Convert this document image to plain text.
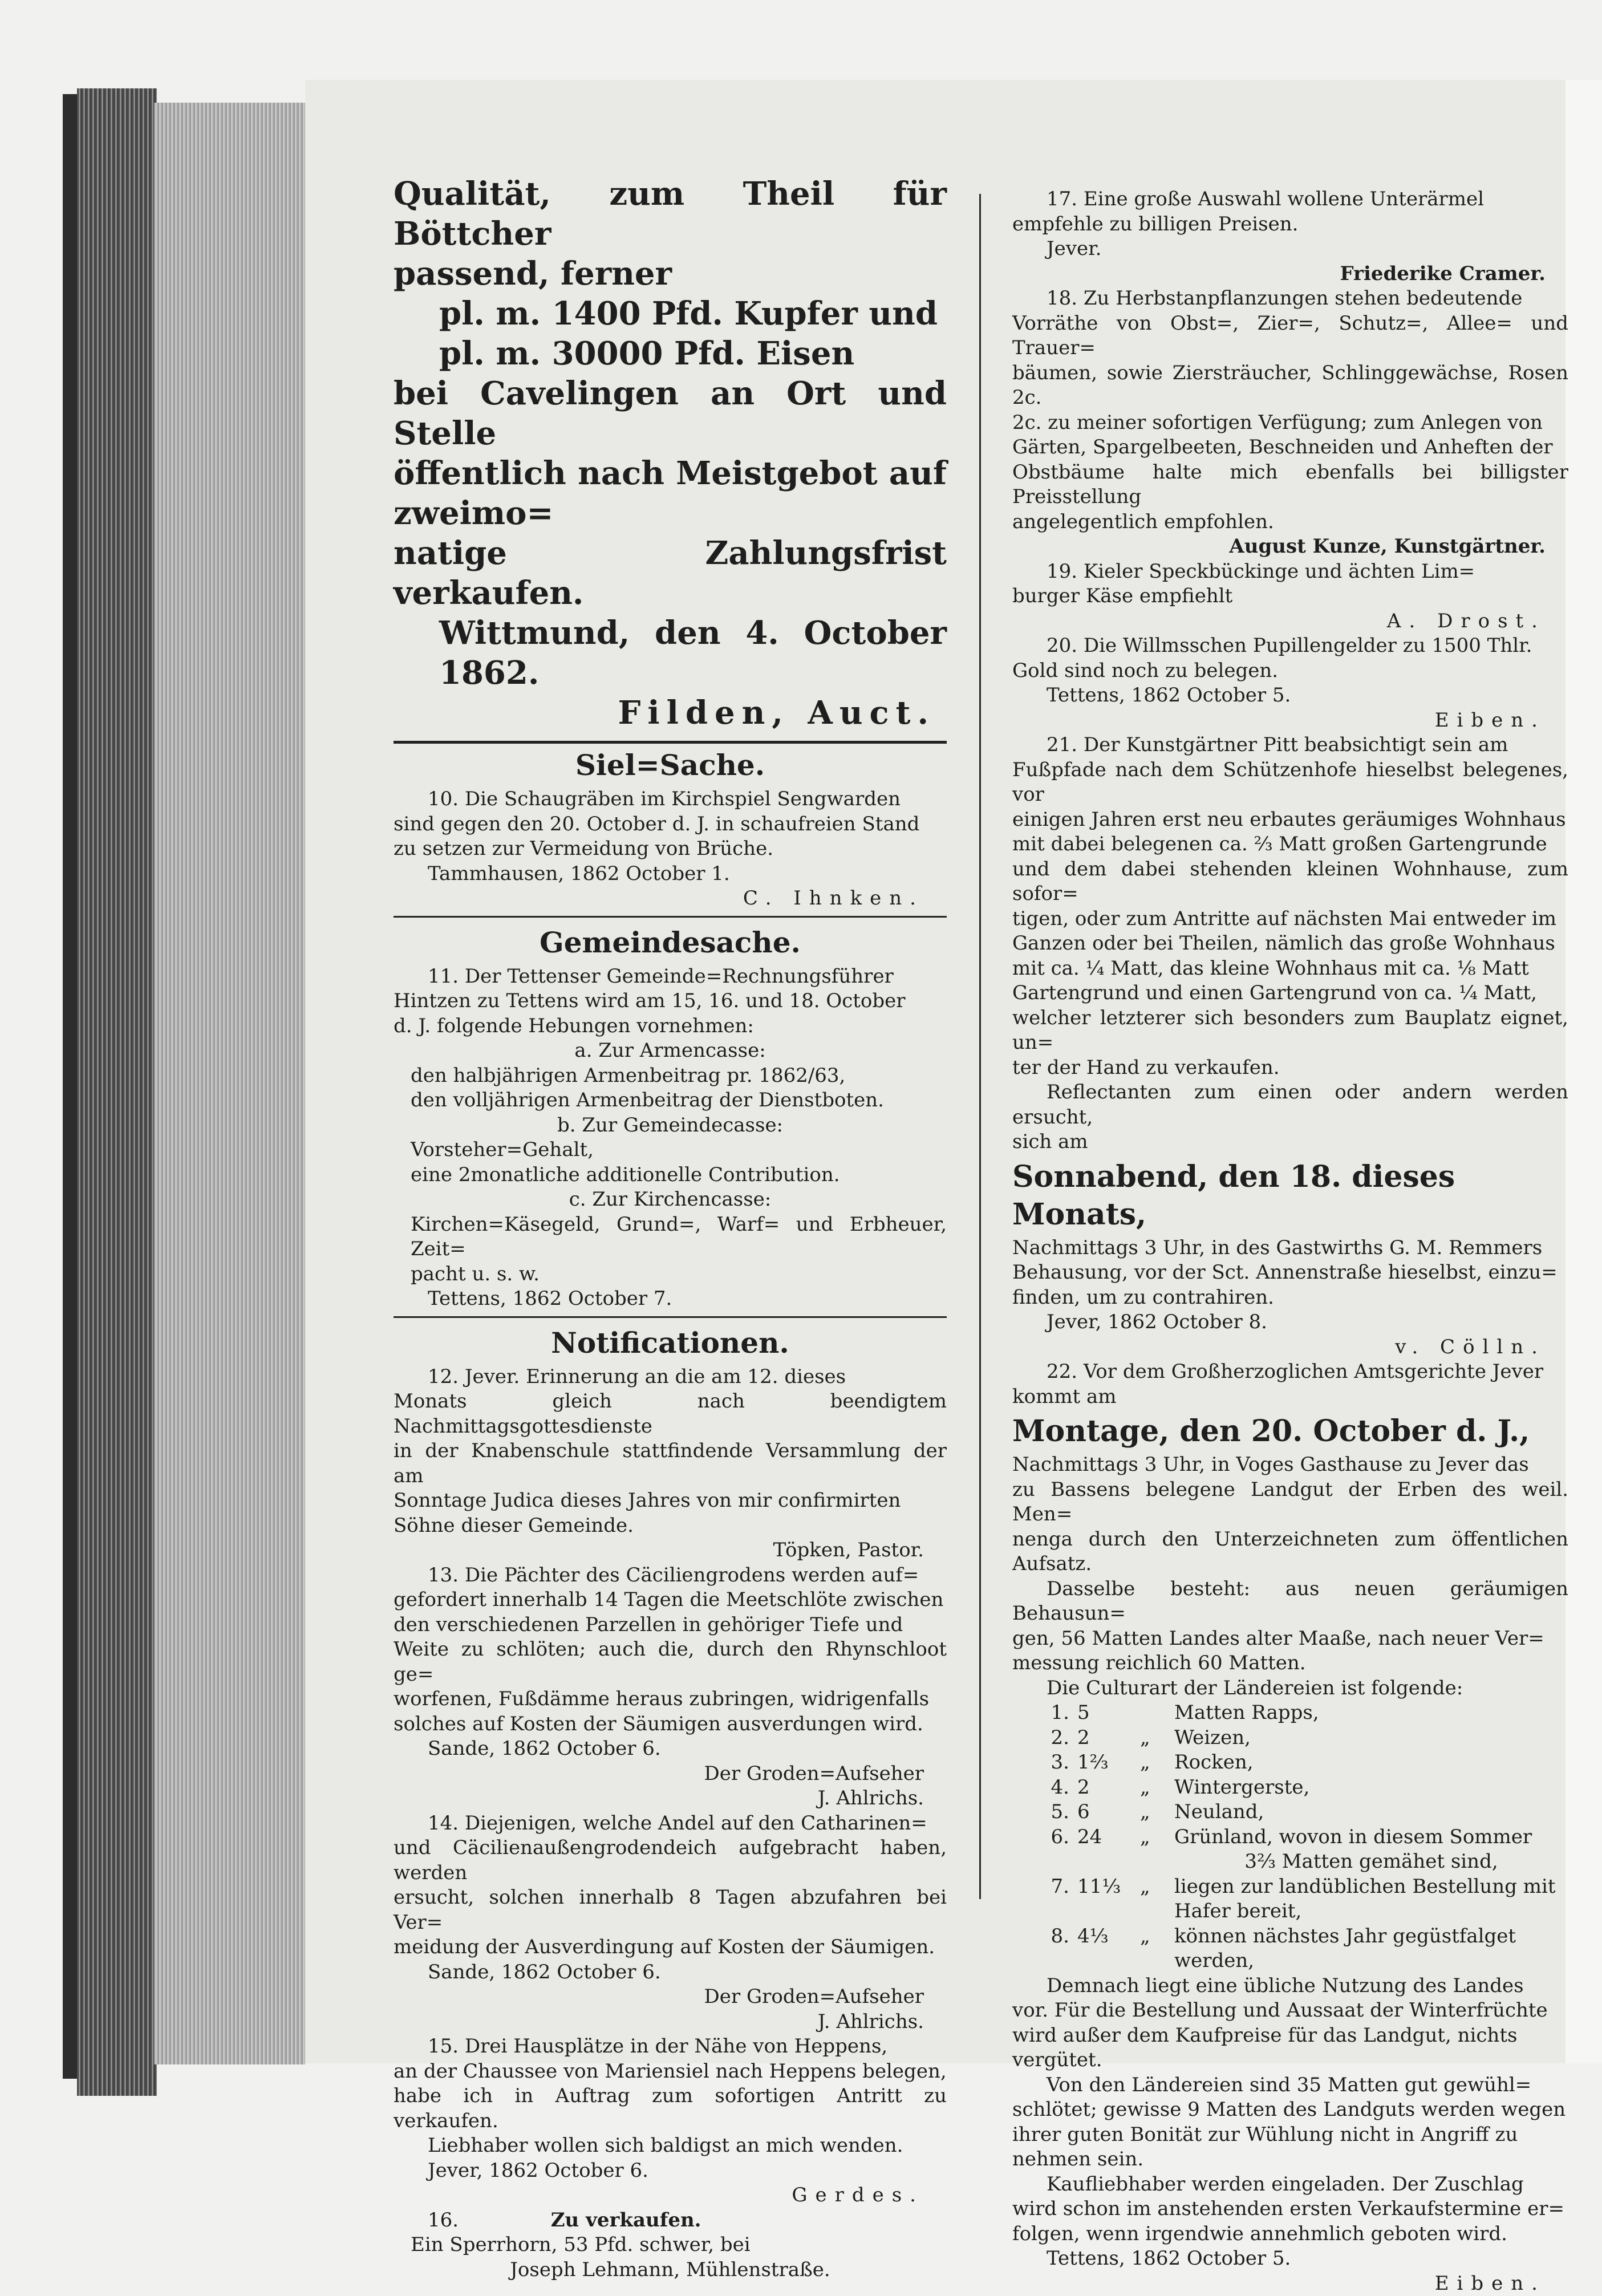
Qualität, zum Theil für Böttcher

passend, ferner

pl. m. 1400 Pfd. Kupfer und

pl. m. 30000 Pfd. Eisen

bei Cavelingen an Ort und Stelle

öffentlich nach Meistgebot auf zweimo=

natige Zahlungsfrist verkaufen.

Wittmund, den 4. October 1862.

Filden, Auct.

Siel=Sache.

10. Die Schaugräben im Kirchspiel Sengwarden

sind gegen den 20. October d. J. in schaufreien Stand

zu setzen zur Vermeidung von Brüche.

Tammhausen, 1862 October 1.

C. Ihnken.

Gemeindesache.

11. Der Tettenser Gemeinde=Rechnungsführer

Hintzen zu Tettens wird am 15, 16. und 18. October

d. J. folgende Hebungen vornehmen:

a. Zur Armencasse:

den halbjährigen Armenbeitrag pr. 1862/63,

den volljährigen Armenbeitrag der Dienstboten.

b. Zur Gemeindecasse:

Vorsteher=Gehalt,

eine 2monatliche additionelle Contribution.

c. Zur Kirchencasse:

Kirchen=Käsegeld, Grund=, Warf= und Erbheuer, Zeit=

pacht u. s. w.

Tettens, 1862 October 7.

Notificationen.

12. Jever. Erinnerung an die am 12. dieses

Monats gleich nach beendigtem Nachmittagsgottesdienste

in der Knabenschule stattfindende Versammlung der am

Sonntage Judica dieses Jahres von mir confirmirten

Söhne dieser Gemeinde.

Töpken, Pastor.

13. Die Pächter des Cäciliengrodens werden auf=

gefordert innerhalb 14 Tagen die Meetschlöte zwischen

den verschiedenen Parzellen in gehöriger Tiefe und

Weite zu schlöten; auch die, durch den Rhynschloot ge=

worfenen, Fußdämme heraus zubringen, widrigenfalls

solches auf Kosten der Säumigen ausverdungen wird.

Sande, 1862 October 6.

Der Groden=Aufseher

J. Ahlrichs.

14. Diejenigen, welche Andel auf den Catharinen=

und Cäcilienaußengrodendeich aufgebracht haben, werden

ersucht, solchen innerhalb 8 Tagen abzufahren bei Ver=

meidung der Ausverdingung auf Kosten der Säumigen.

Sande, 1862 October 6.

Der Groden=Aufseher

J. Ahlrichs.

15. Drei Hausplätze in der Nähe von Heppens,

an der Chaussee von Mariensiel nach Heppens belegen,

habe ich in Auftrag zum sofortigen Antritt zu verkaufen.

Liebhaber wollen sich baldigst an mich wenden.

Jever, 1862 October 6.

Gerdes.

16.	Zu verkaufen.

Ein Sperrhorn, 53 Pfd. schwer, bei

Joseph Lehmann, Mühlenstraße.

17. Eine große Auswahl wollene Unterärmel

empfehle zu billigen Preisen.

Jever.

Friederike Cramer.

18. Zu Herbstanpflanzungen stehen bedeutende

Vorräthe von Obst=, Zier=, Schutz=, Allee= und Trauer=

bäumen, sowie Ziersträucher, Schlinggewächse, Rosen 2c.

2c. zu meiner sofortigen Verfügung; zum Anlegen von

Gärten, Spargelbeeten, Beschneiden und Anheften der

Obstbäume halte mich ebenfalls bei billigster Preisstellung

angelegentlich empfohlen.

August Kunze, Kunstgärtner.

19. Kieler Speckbückinge und ächten Lim=

burger Käse empfiehlt

A. Drost.

20. Die Willmsschen Pupillengelder zu 1500 Thlr.

Gold sind noch zu belegen.

Tettens, 1862 October 5.

Eiben.

21. Der Kunstgärtner Pitt beabsichtigt sein am

Fußpfade nach dem Schützenhofe hieselbst belegenes, vor

einigen Jahren erst neu erbautes geräumiges Wohnhaus

mit dabei belegenen ca. ⅔ Matt großen Gartengrunde

und dem dabei stehenden kleinen Wohnhause, zum sofor=

tigen, oder zum Antritte auf nächsten Mai entweder im

Ganzen oder bei Theilen, nämlich das große Wohnhaus

mit ca. ¼ Matt, das kleine Wohnhaus mit ca. ⅛ Matt

Gartengrund und einen Gartengrund von ca. ¼ Matt,

welcher letzterer sich besonders zum Bauplatz eignet, un=

ter der Hand zu verkaufen.

Reflectanten zum einen oder andern werden ersucht,

sich am

Sonnabend, den 18. dieses Monats,

Nachmittags 3 Uhr, in des Gastwirths G. M. Remmers

Behausung, vor der Sct. Annenstraße hieselbst, einzu=

finden, um zu contrahiren.

Jever, 1862 October 8.

v. Cölln.

22. Vor dem Großherzoglichen Amtsgerichte Jever

kommt am

Montage, den 20. October d. J.,

Nachmittags 3 Uhr, in Voges Gasthause zu Jever das

zu Bassens belegene Landgut der Erben des weil. Men=

nenga durch den Unterzeichneten zum öffentlichen Aufsatz.

Dasselbe besteht: aus neuen geräumigen Behausun=

gen, 56 Matten Landes alter Maaße, nach neuer Ver=

messung reichlich 60 Matten.

Die Culturart der Ländereien ist folgende:

1. 5	Matten Rapps,
2. 2	„	Weizen,
3. 1⅔	„	Rocken,
4. 2	„	Wintergerste,
5. 6	„	Neuland,
6. 24	„	Grünland, wovon in diesem Sommer
3⅔ Matten gemähet sind,
7. 11⅓ „	liegen zur landüblichen Bestellung mit
Hafer bereit,
8. 4⅓	„	können nächstes Jahr gegüstfalget werden,

Demnach liegt eine übliche Nutzung des Landes

vor. Für die Bestellung und Aussaat der Winterfrüchte

wird außer dem Kaufpreise für das Landgut, nichts

vergütet.

Von den Ländereien sind 35 Matten gut gewühl=

schlötet; gewisse 9 Matten des Landguts werden wegen

ihrer guten Bonität zur Wühlung nicht in Angriff zu

nehmen sein.

Kaufliebhaber werden eingeladen. Der Zuschlag

wird schon im anstehenden ersten Verkaufstermine er=

folgen, wenn irgendwie annehmlich geboten wird.

Tettens, 1862 October 5.

Eiben.
